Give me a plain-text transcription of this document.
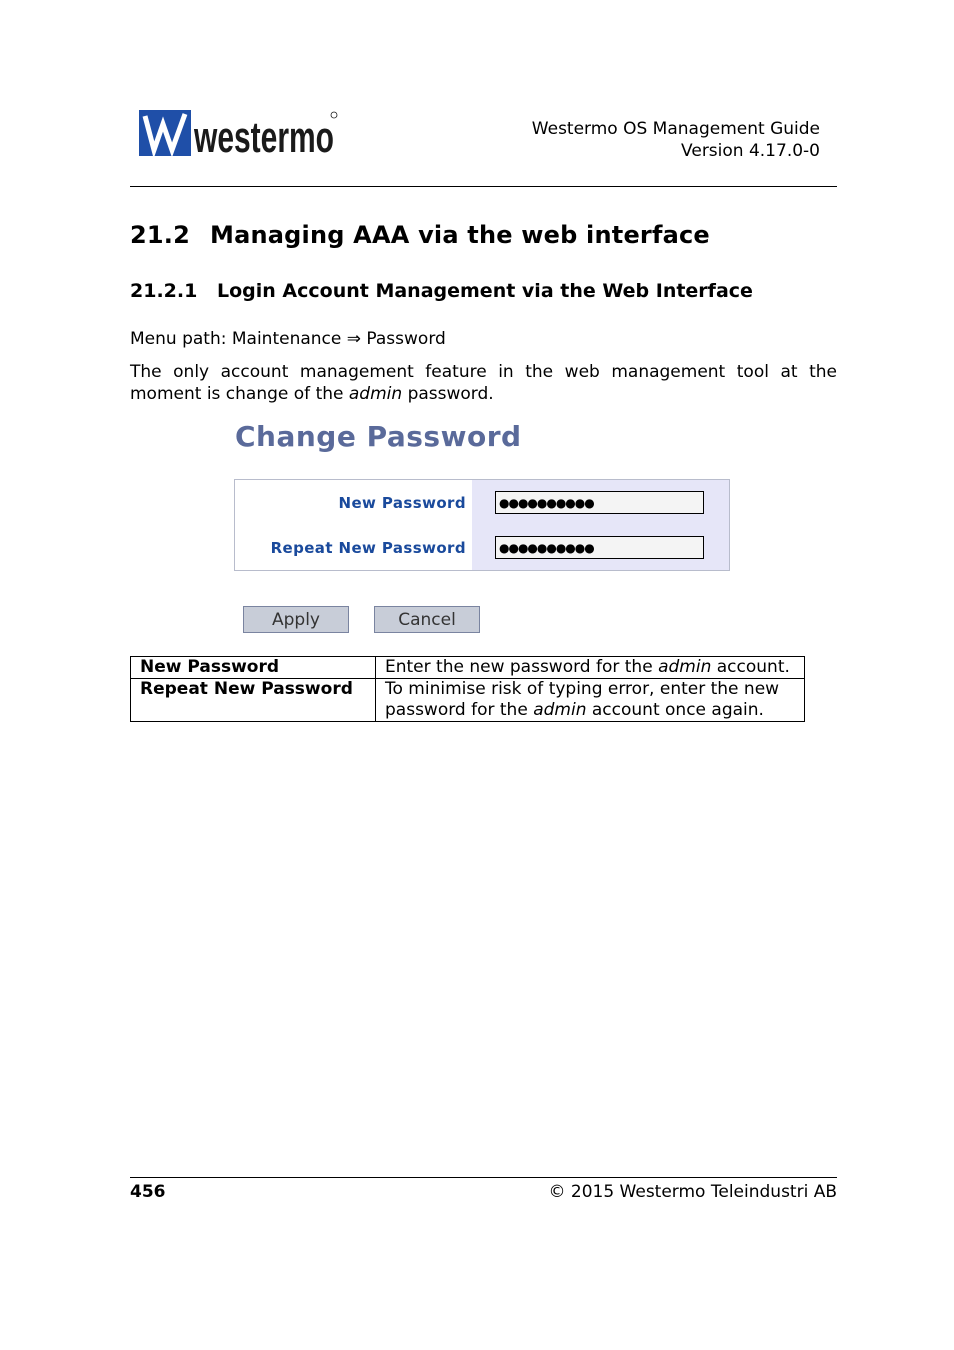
westermo	Westermo OS Management Guide
Version 4.17.0-0
21.2 Managing AAA via the web interface
21.2.1 Login Account Management via the Web Interface
Menu path: Maintenance ⇒ Password
The only account management feature in the web management tool at the moment is change of the admin password.
Change Password
New Password	●●●●●●●●●●
Repeat New Password	●●●●●●●●●●
Apply	Cancel
New Password	Enter the new password for the admin account.
Repeat New Password	To minimise risk of typing error, enter the new password for the admin account once again.
456	© 2015 Westermo Teleindustri AB
